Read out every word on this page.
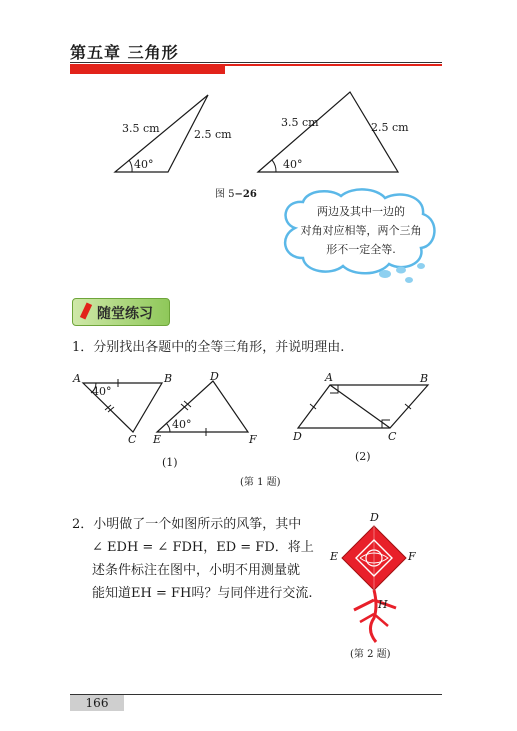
第五章 三角形
3.5 cm	2.5 cm
40°
3.5 cm	2.5 cm
40°
图 5−26
两边及其中一边的
对角对应相等，两个三角
形不一定全等.
随堂练习
1．分别找出各题中的全等三角形，并说明理由.
A	B
C
40°
D
E	F
40°
(1)
A	B
C
D
(2)
(第 1 题)
2．小明做了一个如图所示的风筝，其中
∠ EDH = ∠ FDH，ED = FD．将上
述条件标注在图中，小明不用测量就
能知道EH = FH吗？与同伴进行交流.
D
E	F
H
(第 2 题)
166
